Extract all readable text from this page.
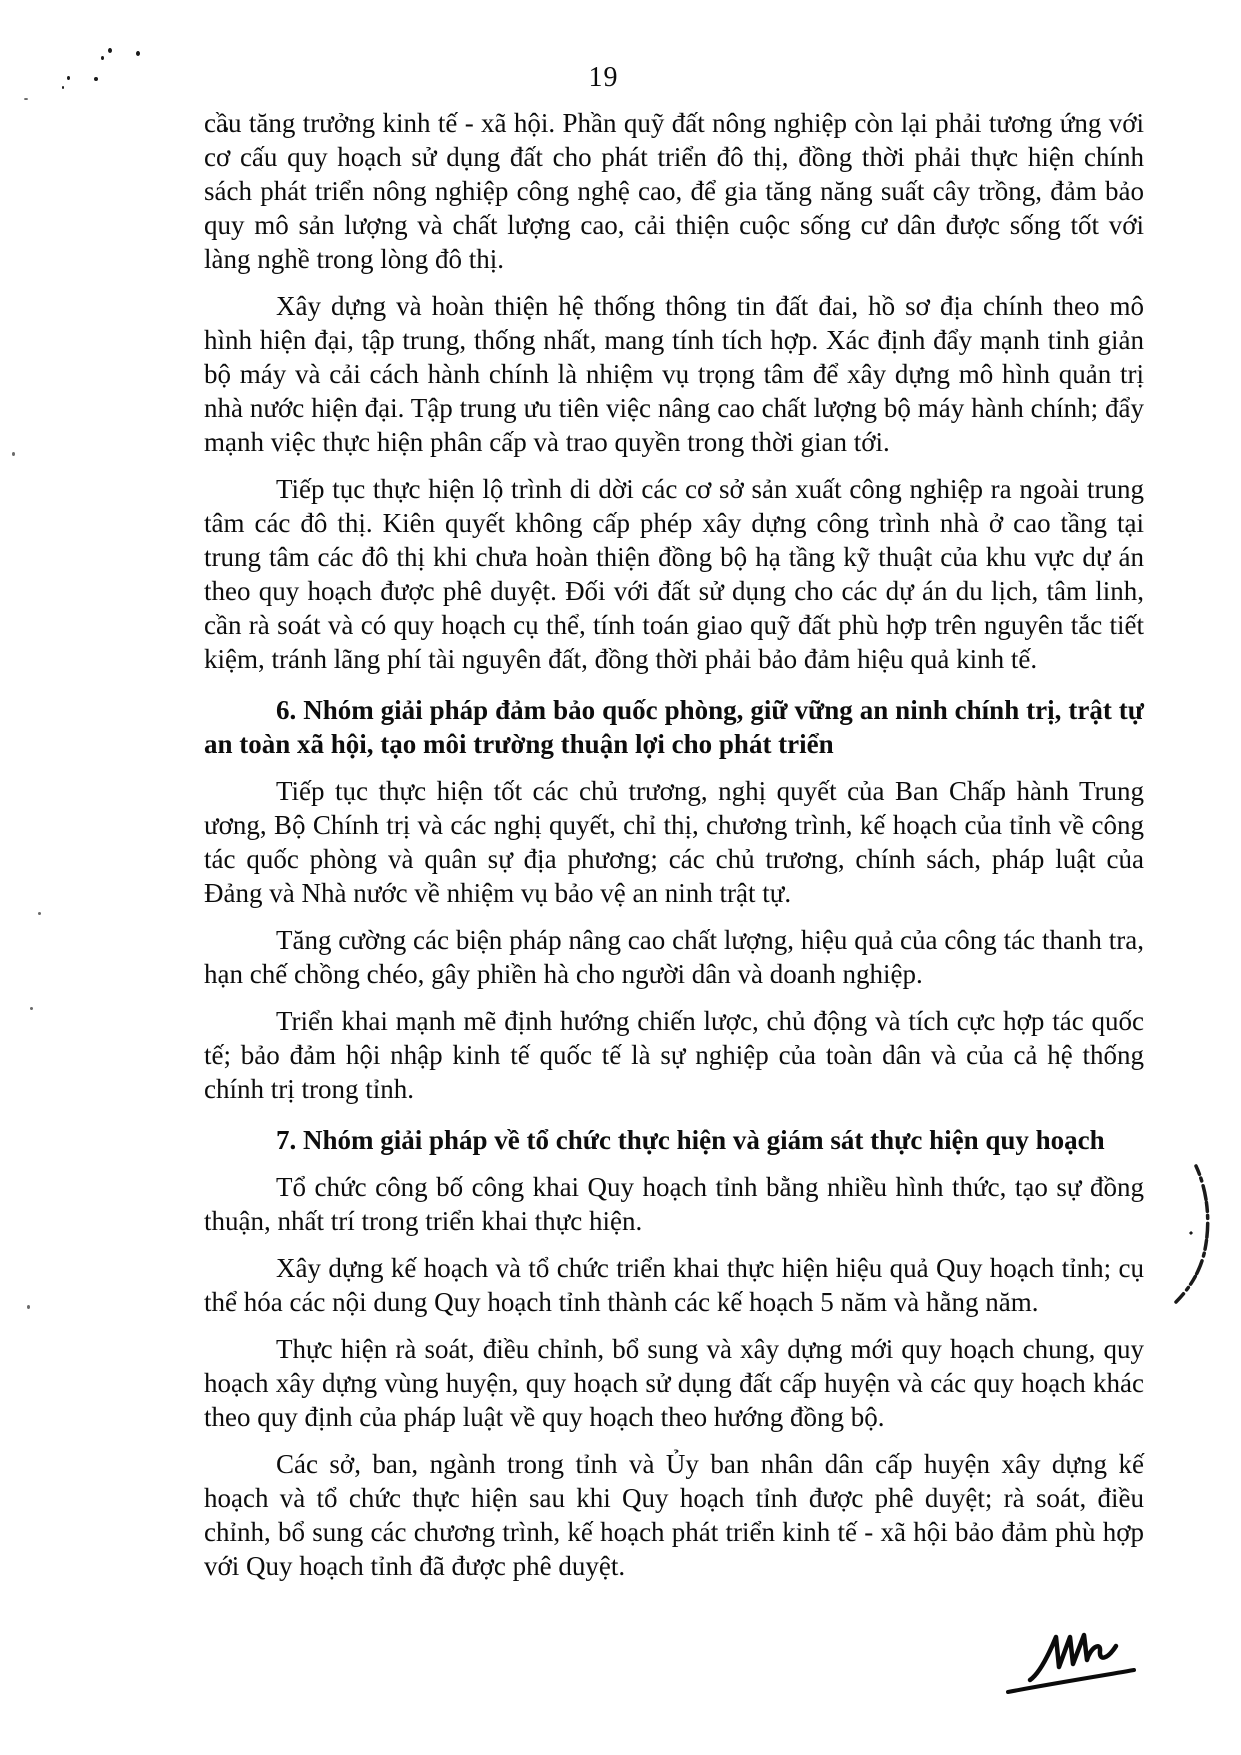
19

cầu tăng trưởng kinh tế - xã hội. Phần quỹ đất nông nghiệp còn lại phải tương ứng với cơ cấu quy hoạch sử dụng đất cho phát triển đô thị, đồng thời phải thực hiện chính sách phát triển nông nghiệp công nghệ cao, để gia tăng năng suất cây trồng, đảm bảo quy mô sản lượng và chất lượng cao, cải thiện cuộc sống cư dân được sống tốt với làng nghề trong lòng đô thị.

Xây dựng và hoàn thiện hệ thống thông tin đất đai, hồ sơ địa chính theo mô hình hiện đại, tập trung, thống nhất, mang tính tích hợp. Xác định đẩy mạnh tinh giản bộ máy và cải cách hành chính là nhiệm vụ trọng tâm để xây dựng mô hình quản trị nhà nước hiện đại. Tập trung ưu tiên việc nâng cao chất lượng bộ máy hành chính; đẩy mạnh việc thực hiện phân cấp và trao quyền trong thời gian tới.

Tiếp tục thực hiện lộ trình di dời các cơ sở sản xuất công nghiệp ra ngoài trung tâm các đô thị. Kiên quyết không cấp phép xây dựng công trình nhà ở cao tầng tại trung tâm các đô thị khi chưa hoàn thiện đồng bộ hạ tầng kỹ thuật của khu vực dự án theo quy hoạch được phê duyệt. Đối với đất sử dụng cho các dự án du lịch, tâm linh, cần rà soát và có quy hoạch cụ thể, tính toán giao quỹ đất phù hợp trên nguyên tắc tiết kiệm, tránh lãng phí tài nguyên đất, đồng thời phải bảo đảm hiệu quả kinh tế.

6. Nhóm giải pháp đảm bảo quốc phòng, giữ vững an ninh chính trị, trật tự an toàn xã hội, tạo môi trường thuận lợi cho phát triển

Tiếp tục thực hiện tốt các chủ trương, nghị quyết của Ban Chấp hành Trung ương, Bộ Chính trị và các nghị quyết, chỉ thị, chương trình, kế hoạch của tỉnh về công tác quốc phòng và quân sự địa phương; các chủ trương, chính sách, pháp luật của Đảng và Nhà nước về nhiệm vụ bảo vệ an ninh trật tự.

Tăng cường các biện pháp nâng cao chất lượng, hiệu quả của công tác thanh tra, hạn chế chồng chéo, gây phiền hà cho người dân và doanh nghiệp.

Triển khai mạnh mẽ định hướng chiến lược, chủ động và tích cực hợp tác quốc tế; bảo đảm hội nhập kinh tế quốc tế là sự nghiệp của toàn dân và của cả hệ thống chính trị trong tỉnh.

7. Nhóm giải pháp về tổ chức thực hiện và giám sát thực hiện quy hoạch

Tổ chức công bố công khai Quy hoạch tỉnh bằng nhiều hình thức, tạo sự đồng thuận, nhất trí trong triển khai thực hiện.

Xây dựng kế hoạch và tổ chức triển khai thực hiện hiệu quả Quy hoạch tỉnh; cụ thể hóa các nội dung Quy hoạch tỉnh thành các kế hoạch 5 năm và hằng năm.

Thực hiện rà soát, điều chỉnh, bổ sung và xây dựng mới quy hoạch chung, quy hoạch xây dựng vùng huyện, quy hoạch sử dụng đất cấp huyện và các quy hoạch khác theo quy định của pháp luật về quy hoạch theo hướng đồng bộ.

Các sở, ban, ngành trong tỉnh và Ủy ban nhân dân cấp huyện xây dựng kế hoạch và tổ chức thực hiện sau khi Quy hoạch tỉnh được phê duyệt; rà soát, điều chỉnh, bổ sung các chương trình, kế hoạch phát triển kinh tế - xã hội bảo đảm phù hợp với Quy hoạch tỉnh đã được phê duyệt.
